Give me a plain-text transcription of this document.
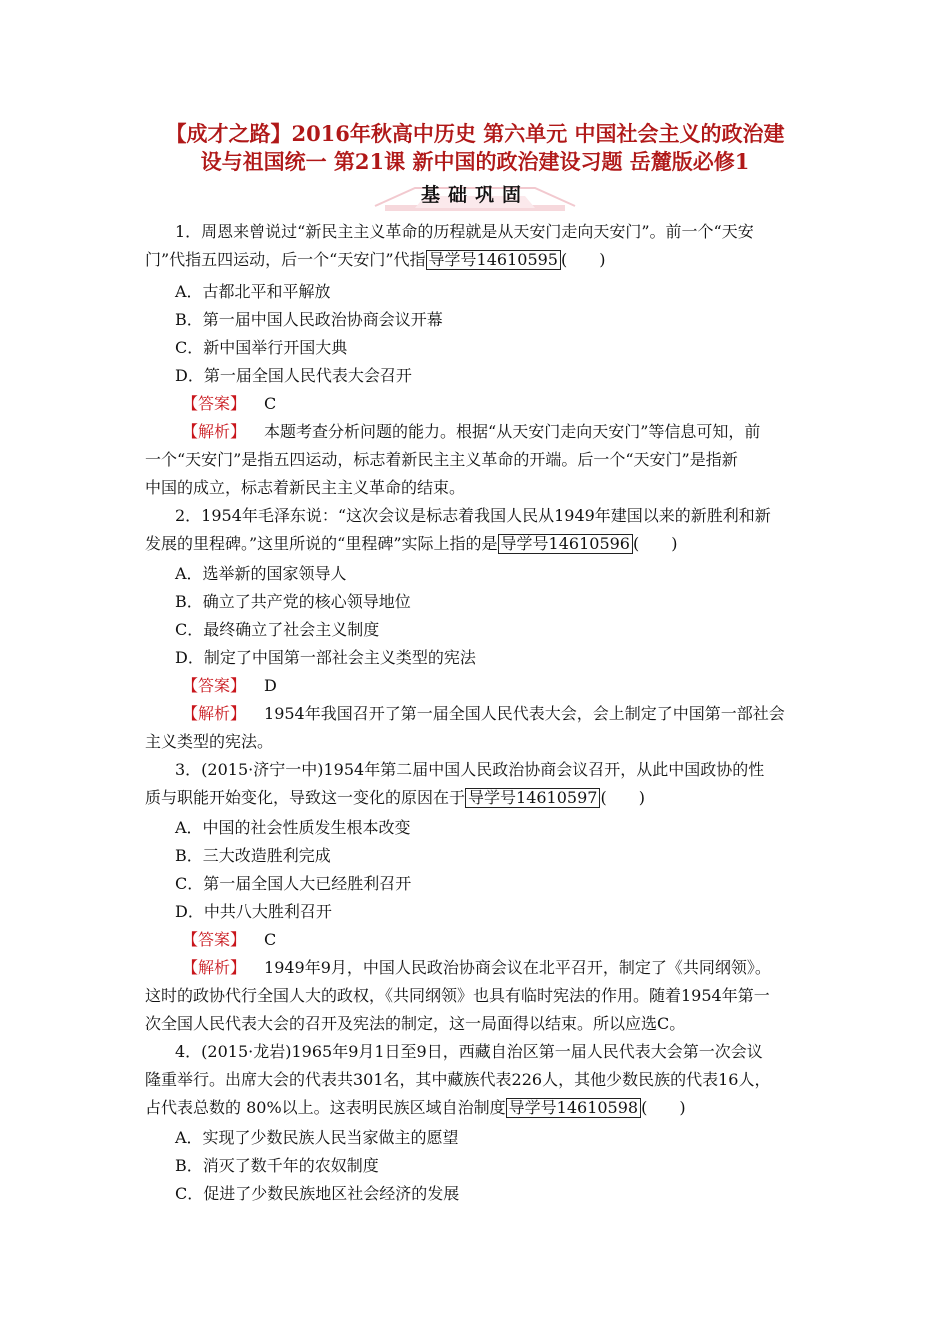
【成才之路】2016年秋高中历史 第六单元 中国社会主义的政治建
设与祖国统一 第21课 新中国的政治建设习题 岳麓版必修1
基础巩固
1．周恩来曾说过“新民主主义革命的历程就是从天安门走向天安门”。前一个“天安
门”代指五四运动，后一个“天安门”代指 导学号14610595 (　　)
A．古都北平和平解放
B．第一届中国人民政治协商会议开幕
C．新中国举行开国大典
D．第一届全国人民代表大会召开
【答案】 C
【解析】 本题考查分析问题的能力。根据“从天安门走向天安门”等信息可知，前
一个“天安门”是指五四运动，标志着新民主主义革命的开端。后一个“天安门”是指新
中国的成立，标志着新民主主义革命的结束。
2．1954年毛泽东说：“这次会议是标志着我国人民从1949年建国以来的新胜利和新
发展的里程碑。”这里所说的“里程碑”实际上指的是 导学号14610596 (　　)
A．选举新的国家领导人
B．确立了共产党的核心领导地位
C．最终确立了社会主义制度
D．制定了中国第一部社会主义类型的宪法
【答案】 D
【解析】 1954年我国召开了第一届全国人民代表大会，会上制定了中国第一部社会
主义类型的宪法。
3．(2015·济宁一中)1954年第二届中国人民政治协商会议召开，从此中国政协的性
质与职能开始变化，导致这一变化的原因在于 导学号14610597 (　　)
A．中国的社会性质发生根本改变
B．三大改造胜利完成
C．第一届全国人大已经胜利召开
D．中共八大胜利召开
【答案】 C
【解析】 1949年9月，中国人民政治协商会议在北平召开，制定了《共同纲领》。
这时的政协代行全国人大的政权，《共同纲领》也具有临时宪法的作用。随着1954年第一
次全国人民代表大会的召开及宪法的制定，这一局面得以结束。所以应选C。
4．(2015·龙岩)1965年9月1日至9日，西藏自治区第一届人民代表大会第一次会议
隆重举行。出席大会的代表共301名，其中藏族代表226人，其他少数民族的代表16人，
占代表总数的 80%以上。这表明民族区域自治制度 导学号14610598 (　　)
A．实现了少数民族人民当家做主的愿望
B．消灭了数千年的农奴制度
C．促进了少数民族地区社会经济的发展
